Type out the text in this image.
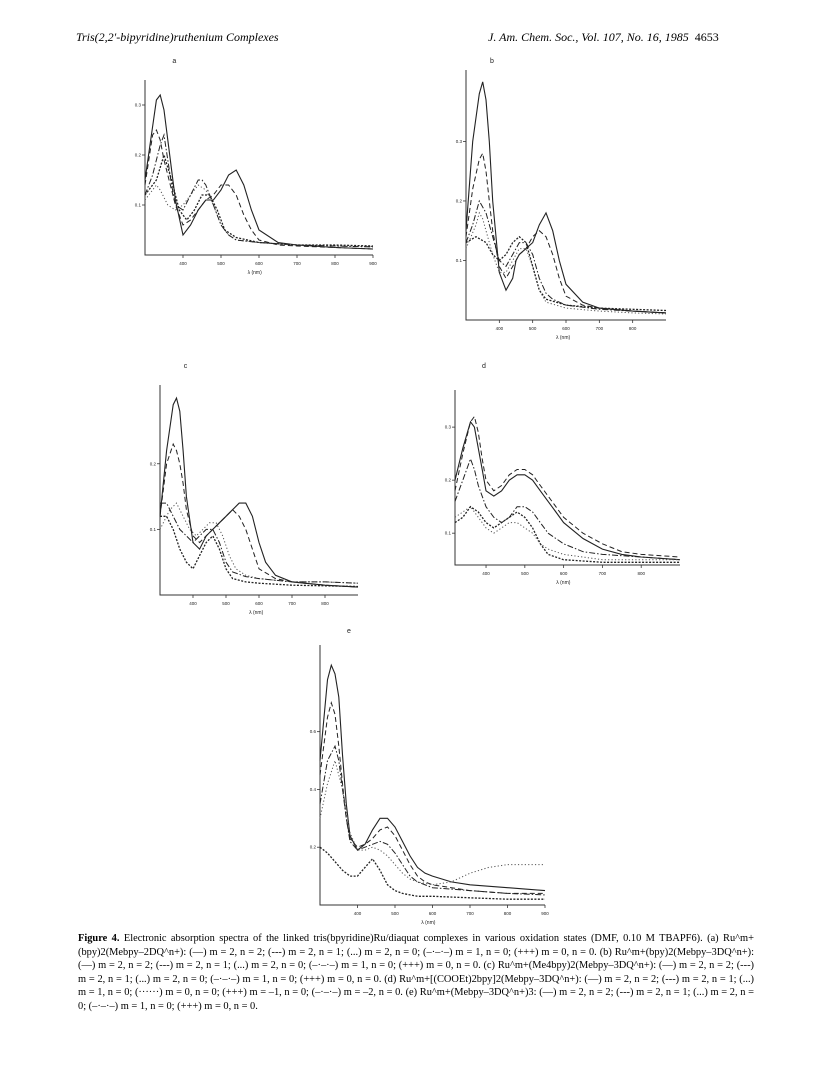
Tris(2,2′-bipyridine)ruthenium Complexes	J. Am. Chem. Soc., Vol. 107, No. 16, 1985 4653
a
400	500	600	700	800	900
0.1
0.2
0.3
λ (nm)
b
400	500	600	700	800
0.1
0.2
0.3
λ (nm)
c
400	500	600	700	800
0.1
0.2
λ (nm)
d
400	500	600	700	800
0.1
0.2
0.3
λ (nm)
e
400	500	600	700	800	900
0.2
0.4
0.6
λ (nm)
Figure 4. Electronic absorption spectra of the linked tris(bpyridine)Ru/diaquat complexes in various oxidation states (DMF, 0.10 M TBAPF6). (a) Ru^m+(bpy)2(Mebpy–2DQ^n+): (—) m = 2, n = 2; (---) m = 2, n = 1; (...) m = 2, n = 0; (–·–·–) m = 1, n = 0; (+++) m = 0, n = 0. (b) Ru^m+(bpy)2(Mebpy–3DQ^n+): (—) m = 2, n = 2; (---) m = 2, n = 1; (...) m = 2, n = 0; (–·–·–) m = 1, n = 0; (+++) m = 0, n = 0. (c) Ru^m+(Me4bpy)2(Mebpy–3DQ^n+): (—) m = 2, n = 2; (---) m = 2, n = 1; (...) m = 2, n = 0; (–·–·–) m = 1, n = 0; (+++) m = 0, n = 0. (d) Ru^m+[(COOEt)2bpy]2(Mebpy–3DQ^n+): (—) m = 2, n = 2; (---) m = 2, n = 1; (...) m = 1, n = 0; (······) m = 0, n = 0; (+++) m = –1, n = 0; (–·–·–) m = –2, n = 0. (e) Ru^m+(Mebpy–3DQ^n+)3: (—) m = 2, n = 2; (---) m = 2, n = 1; (...) m = 2, n = 0; (–·–·–) m = 1, n = 0; (+++) m = 0, n = 0.
